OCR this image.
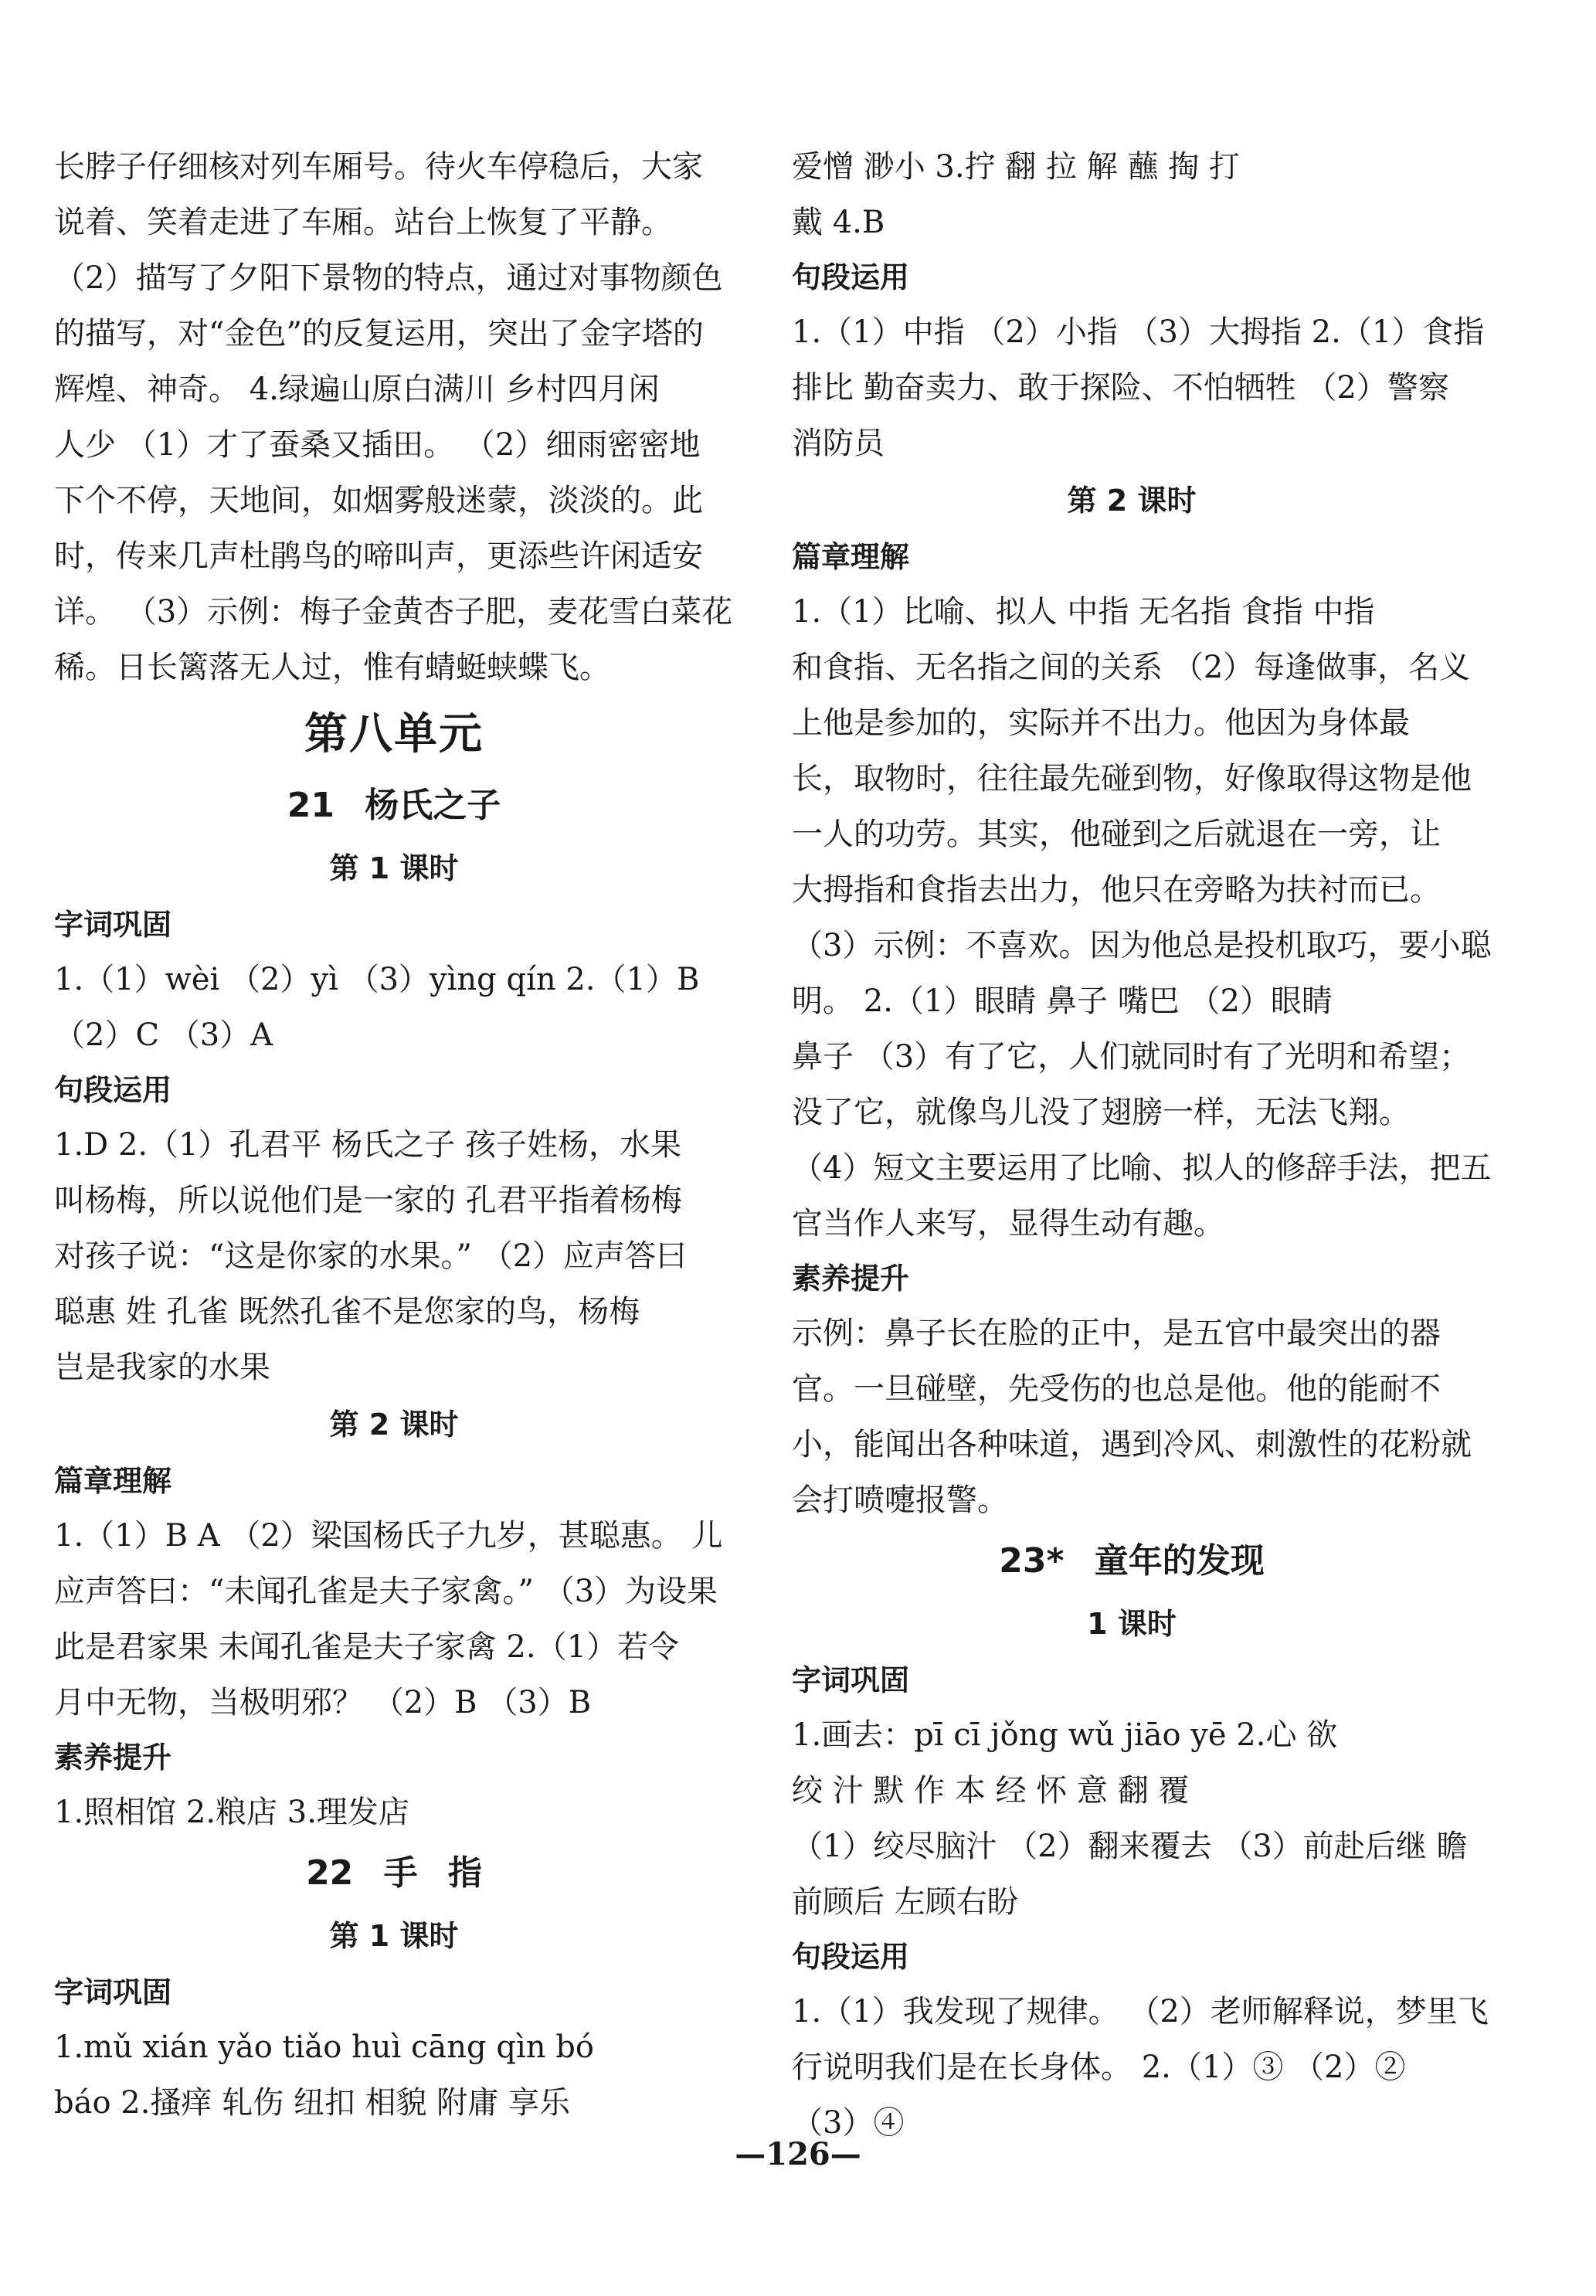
长脖子仔细核对列车厢号。待火车停稳后，大家
说着、笑着走进了车厢。站台上恢复了平静。
（2）描写了夕阳下景物的特点，通过对事物颜色
的描写，对“金色”的反复运用，突出了金字塔的
辉煌、神奇。 4.绿遍山原白满川 乡村四月闲
人少 （1）才了蚕桑又插田。 （2）细雨密密地
下个不停，天地间，如烟雾般迷蒙，淡淡的。此
时，传来几声杜鹃鸟的啼叫声，更添些许闲适安
详。 （3）示例：梅子金黄杏子肥，麦花雪白菜花
稀。日长篱落无人过，惟有蜻蜓蛱蝶飞。
第八单元
21 杨氏之子
第 1 课时
字词巩固
1.（1）wèi （2）yì （3）yìng qín 2.（1）B
（2）C （3）A
句段运用
1.D 2.（1）孔君平 杨氏之子 孩子姓杨，水果
叫杨梅，所以说他们是一家的 孔君平指着杨梅
对孩子说：“这是你家的水果。” （2）应声答曰
聪惠 姓 孔雀 既然孔雀不是您家的鸟，杨梅
岂是我家的水果
第 2 课时
篇章理解
1.（1）B A （2）梁国杨氏子九岁，甚聪惠。 儿
应声答曰：“未闻孔雀是夫子家禽。” （3）为设果
此是君家果 未闻孔雀是夫子家禽 2.（1）若令
月中无物，当极明邪？ （2）B （3）B
素养提升
1.照相馆 2.粮店 3.理发店
22 手 指
第 1 课时
字词巩固
1.mǔ xián yǎo tiǎo huì cāng qìn bó
báo 2.搔痒 轧伤 纽扣 相貌 附庸 享乐
爱憎 渺小 3.拧 翻 拉 解 蘸 掏 打
戴 4.B
句段运用
1.（1）中指 （2）小指 （3）大拇指 2.（1）食指
排比 勤奋卖力、敢于探险、不怕牺牲 （2）警察
消防员
第 2 课时
篇章理解
1.（1）比喻、拟人 中指 无名指 食指 中指
和食指、无名指之间的关系 （2）每逢做事，名义
上他是参加的，实际并不出力。他因为身体最
长，取物时，往往最先碰到物，好像取得这物是他
一人的功劳。其实，他碰到之后就退在一旁，让
大拇指和食指去出力，他只在旁略为扶衬而已。
（3）示例：不喜欢。因为他总是投机取巧，要小聪
明。 2.（1）眼睛 鼻子 嘴巴 （2）眼睛
鼻子 （3）有了它，人们就同时有了光明和希望；
没了它，就像鸟儿没了翅膀一样，无法飞翔。
（4）短文主要运用了比喻、拟人的修辞手法，把五
官当作人来写，显得生动有趣。
素养提升
示例：鼻子长在脸的正中，是五官中最突出的器
官。一旦碰壁，先受伤的也总是他。他的能耐不
小，能闻出各种味道，遇到冷风、刺激性的花粉就
会打喷嚏报警。
23* 童年的发现
1 课时
字词巩固
1.画去：pī cī jǒng wǔ jiāo yē 2.心 欲
绞 汁 默 作 本 经 怀 意 翻 覆
（1）绞尽脑汁 （2）翻来覆去 （3）前赴后继 瞻
前顾后 左顾右盼
句段运用
1.（1）我发现了规律。 （2）老师解释说，梦里飞
行说明我们是在长身体。 2.（1）③ （2）②
（3）④
—126—
